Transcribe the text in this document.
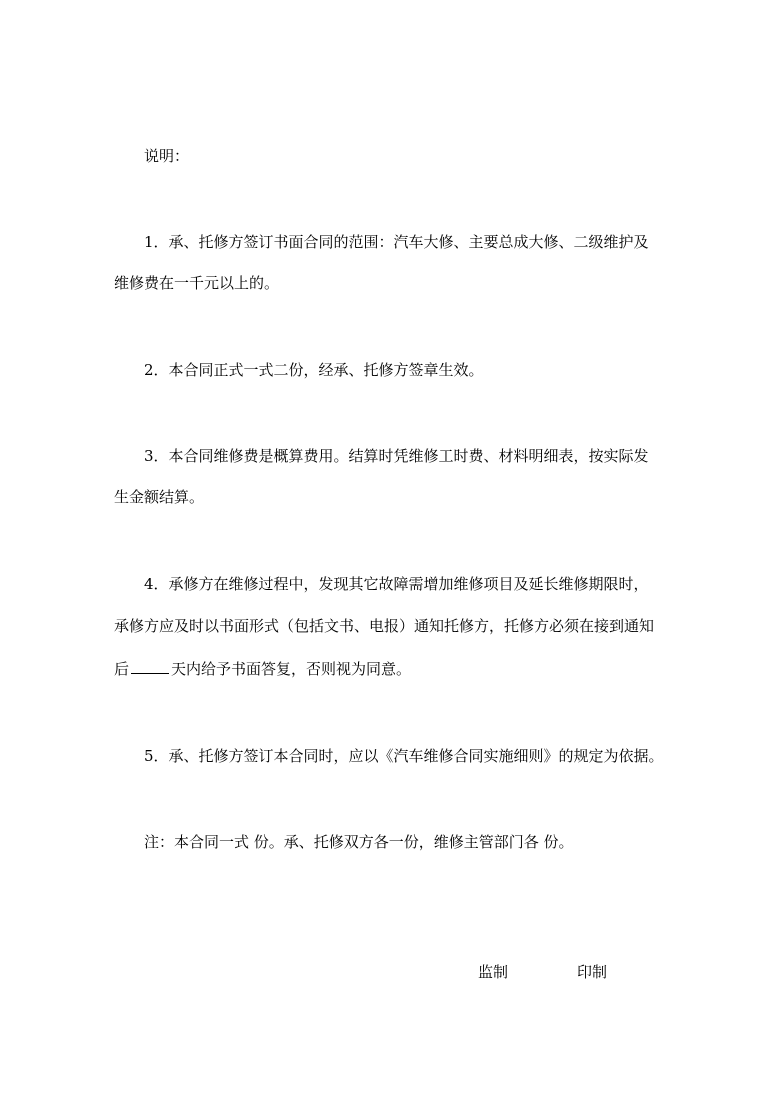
说明：
1．承、托修方签订书面合同的范围：汽车大修、主要总成大修、二级维护及
维修费在一千元以上的。
2．本合同正式一式二份，经承、托修方签章生效。
3．本合同维修费是概算费用。结算时凭维修工时费、材料明细表，按实际发
生金额结算。
4．承修方在维修过程中，发现其它故障需增加维修项目及延长维修期限时，
承修方应及时以书面形式（包括文书、电报）通知托修方，托修方必须在接到通知
后	天内给予书面答复，否则视为同意。
5．承、托修方签订本合同时，应以《汽车维修合同实施细则》的规定为依据。
注：本合同一式 份。承、托修双方各一份，维修主管部门各 份。
监制	印制
